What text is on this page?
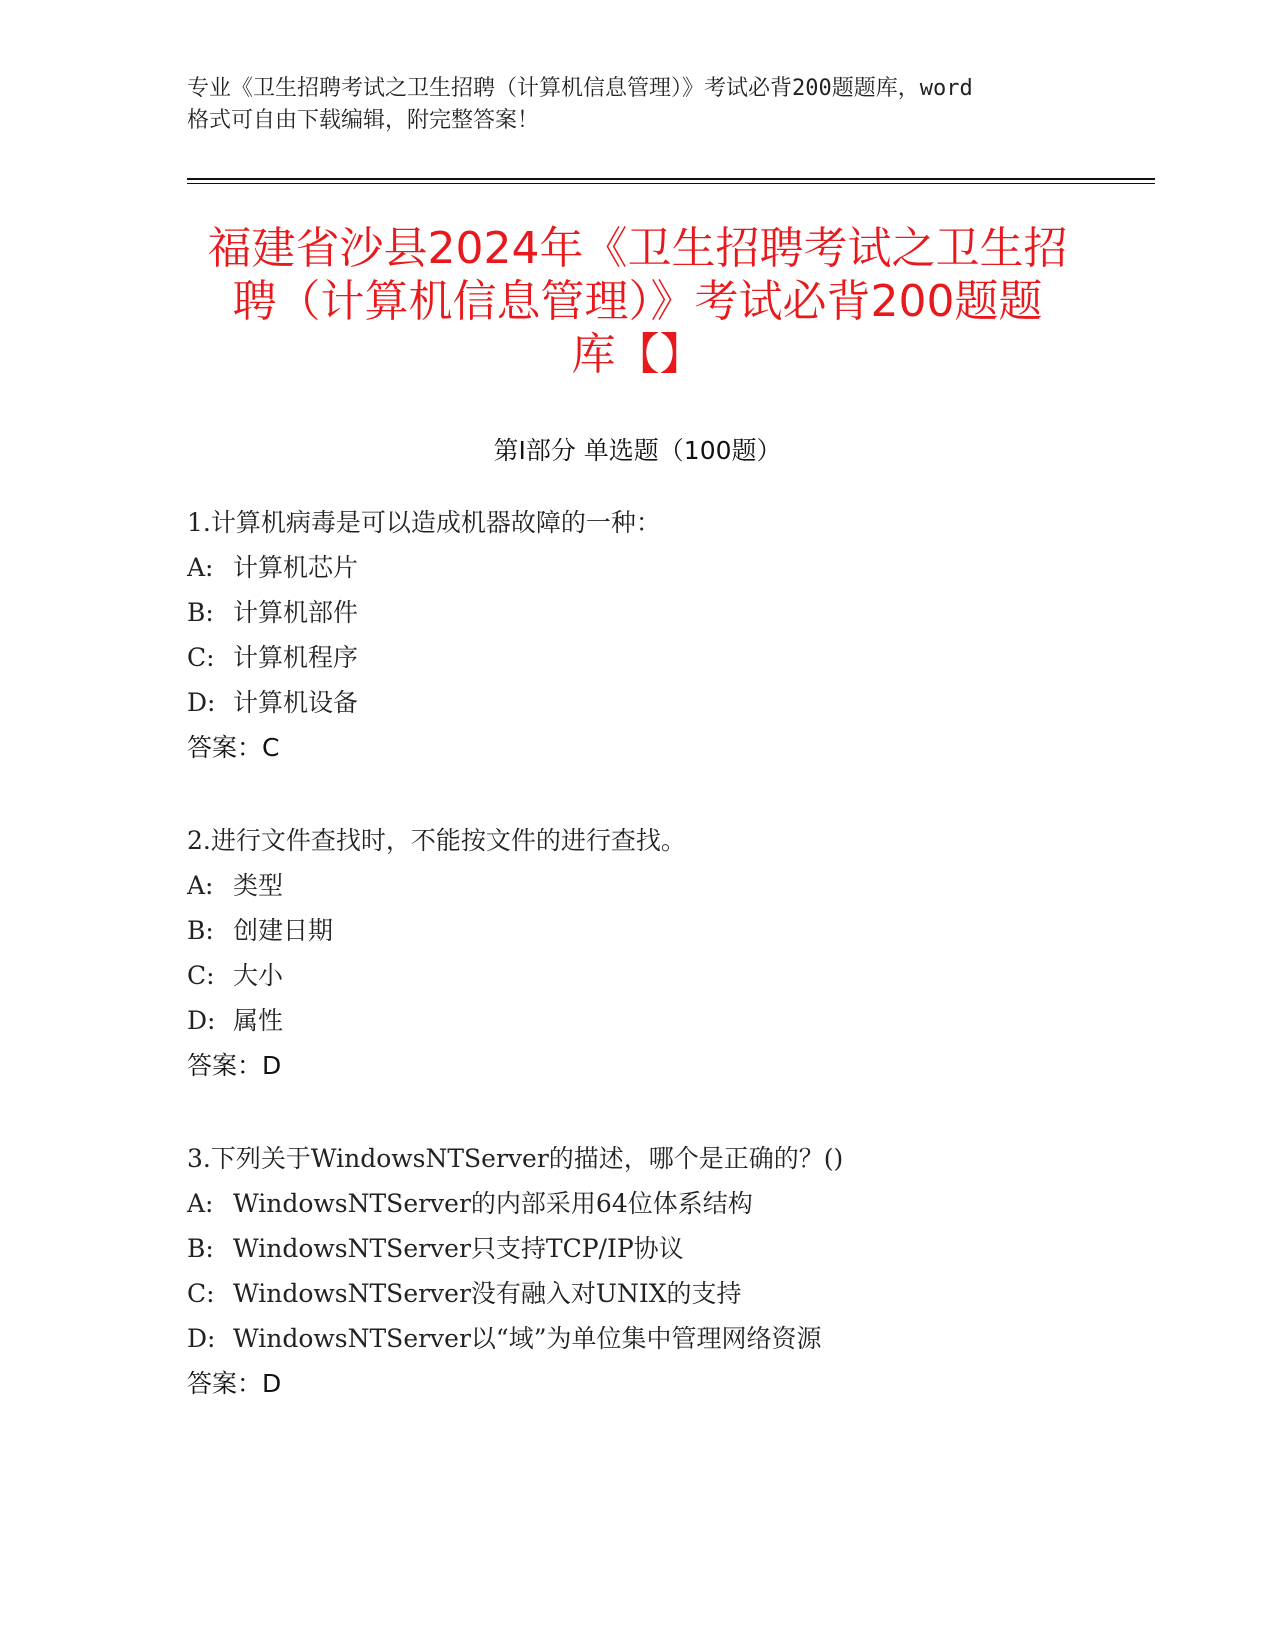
专业《卫生招聘考试之卫生招聘（计算机信息管理）》考试必背200题题库，word
格式可自由下载编辑，附完整答案！
福建省沙县2024年《卫生招聘考试之卫生招
聘（计算机信息管理）》考试必背200题题
库【】
第Ⅰ部分 单选题（100题）
1.计算机病毒是可以造成机器故障的一种：
A: 计算机芯片
B: 计算机部件
C: 计算机程序
D: 计算机设备
答案：C
2.进行文件查找时，不能按文件的进行查找。
A: 类型
B: 创建日期
C: 大小
D: 属性
答案：D
3.下列关于WindowsNTServer的描述，哪个是正确的？()
A: WindowsNTServer的内部采用64位体系结构
B: WindowsNTServer只支持TCP/IP协议
C: WindowsNTServer没有融入对UNIX的支持
D: WindowsNTServer以“域”为单位集中管理网络资源
答案：D
